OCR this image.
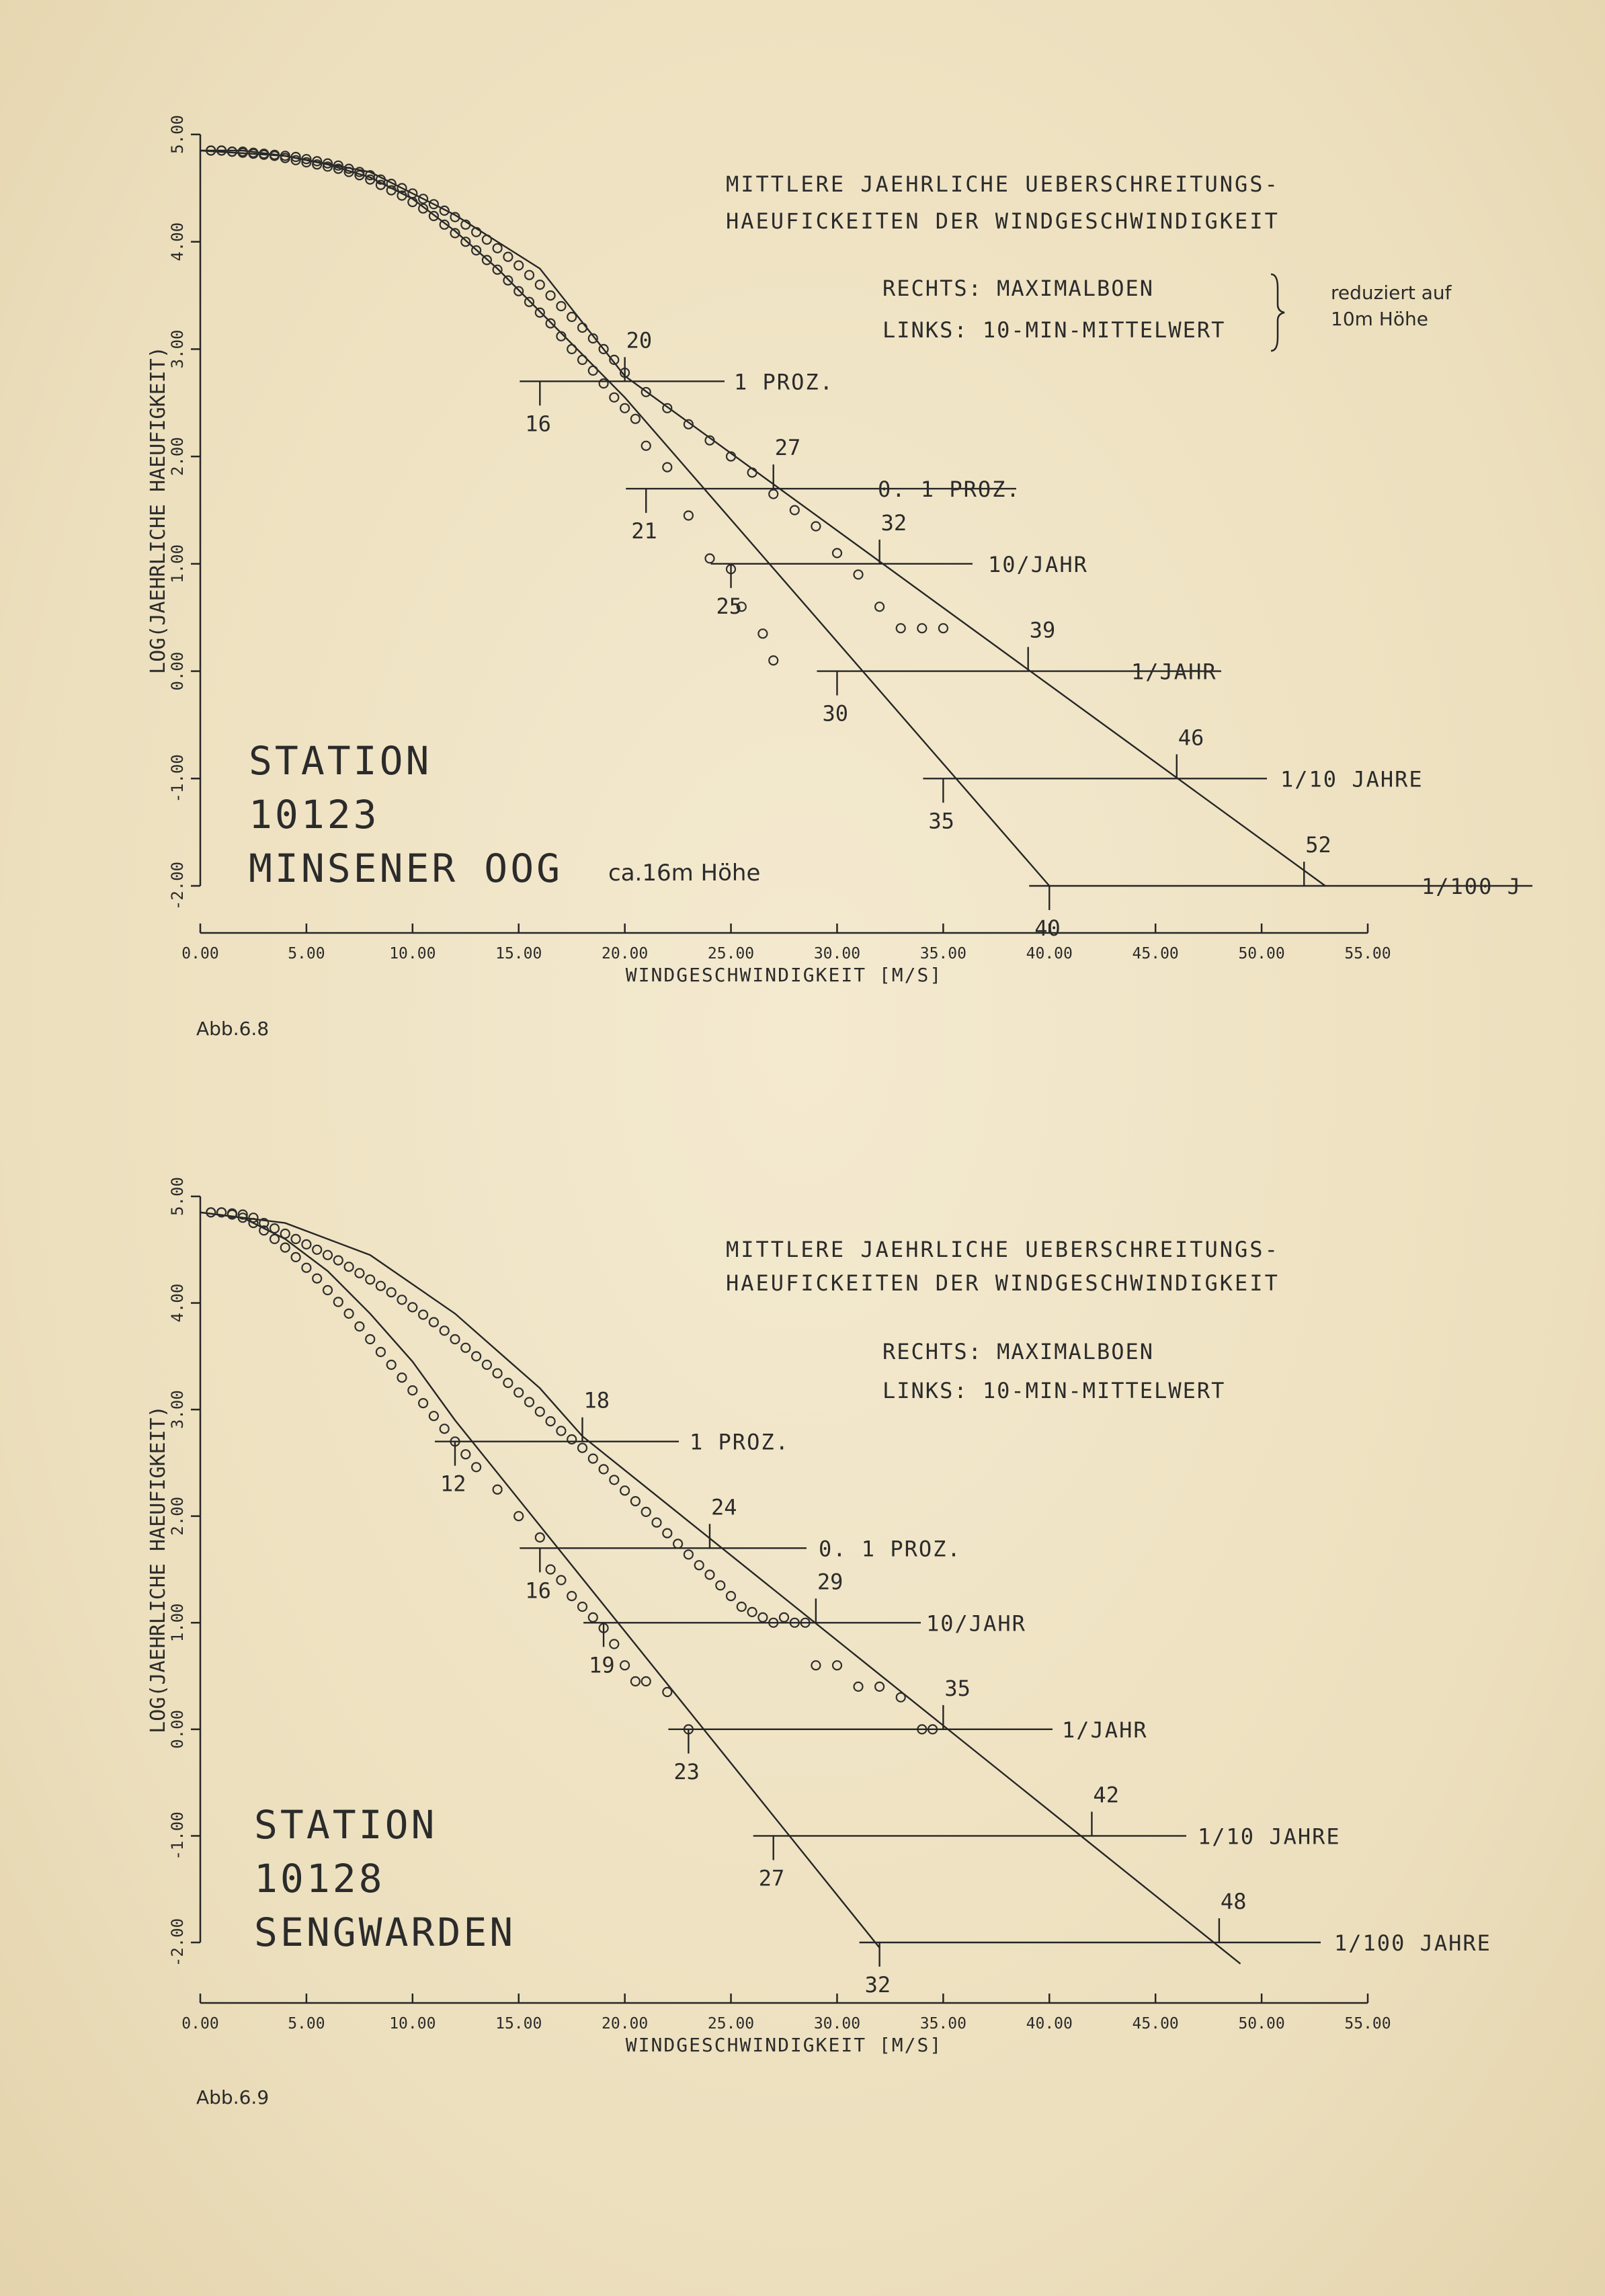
5.00
4.00
3.00
2.00
1.00
0.00
-1.00
-2.00
LOG(JAEHRLICHE HAEUFIGKEIT)
0.00	5.00	10.00	15.00	20.00	25.00	30.00	35.00	40.00	45.00	50.00	55.00
WINDGESCHWINDIGKEIT [M/S]
MITTLERE JAEHRLICHE UEBERSCHREITUNGS-
HAEUFICKEITEN DER WINDGESCHWINDIGKEIT
RECHTS: MAXIMALBOEN
LINKS: 10-MIN-MITTELWERT
reduziert auf
10m Höhe
STATION
10123
MINSENER OOG ca.16m Höhe
1 PROZ.
16
20
0. 1 PROZ.
21
27
10/JAHR
25
32
1/JAHR
30
39
1/10 JAHRE
35
46
1/100 J
40
52
Abb.6.8
5.00
4.00
3.00
2.00
1.00
0.00
-1.00
-2.00
LOG(JAEHRLICHE HAEUFIGKEIT)
0.00	5.00	10.00	15.00	20.00	25.00	30.00	35.00	40.00	45.00	50.00	55.00
WINDGESCHWINDIGKEIT [M/S]
MITTLERE JAEHRLICHE UEBERSCHREITUNGS-
HAEUFICKEITEN DER WINDGESCHWINDIGKEIT
RECHTS: MAXIMALBOEN
LINKS: 10-MIN-MITTELWERT
STATION
10128
SENGWARDEN
1 PROZ.
12
18
0. 1 PROZ.
16
24
10/JAHR
19
29
1/JAHR
23
35
1/10 JAHRE
27
42
1/100 JAHRE
32
48
Abb.6.9
